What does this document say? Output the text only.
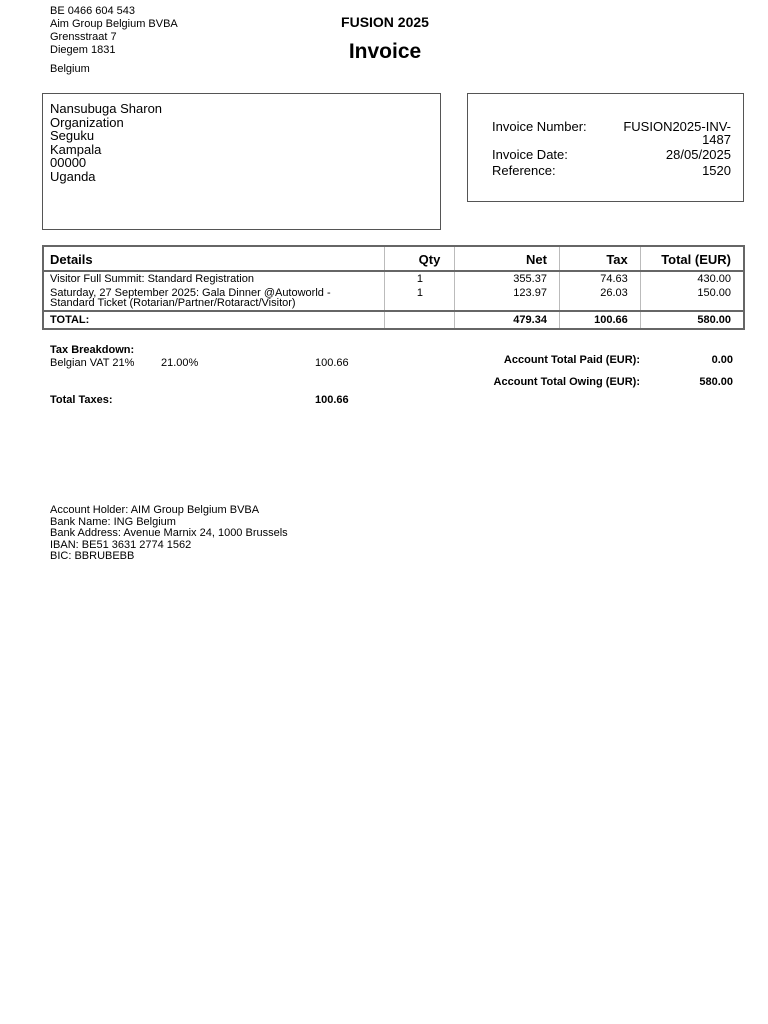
BE 0466 604 543
Aim Group Belgium BVBA
Grensstraat 7
Diegem 1831
Belgium
FUSION 2025
Invoice
Nansubuga Sharon
Organization
Seguku
Kampala
00000
Uganda
Invoice Number:	FUSION2025-INV-1487
Invoice Date:	28/05/2025
Reference:	1520
Details	Qty	Net	Tax	Total (EUR)
Visitor Full Summit: Standard Registration	1	355.37	74.63	430.00
Saturday, 27 September 2025: Gala Dinner @Autoworld - Standard Ticket (Rotarian/Partner/Rotaract/Visitor)	1	123.97	26.03	150.00
TOTAL:		479.34	100.66	580.00
Tax Breakdown:
Belgian VAT 21% 21.00%	100.66
Total Taxes:	100.66
Account Total Paid (EUR):	0.00
Account Total Owing (EUR):	580.00
Account Holder: AIM Group Belgium BVBA
Bank Name: ING Belgium
Bank Address: Avenue Marnix 24, 1000 Brussels
IBAN: BE51 3631 2774 1562
BIC: BBRUBEBB
